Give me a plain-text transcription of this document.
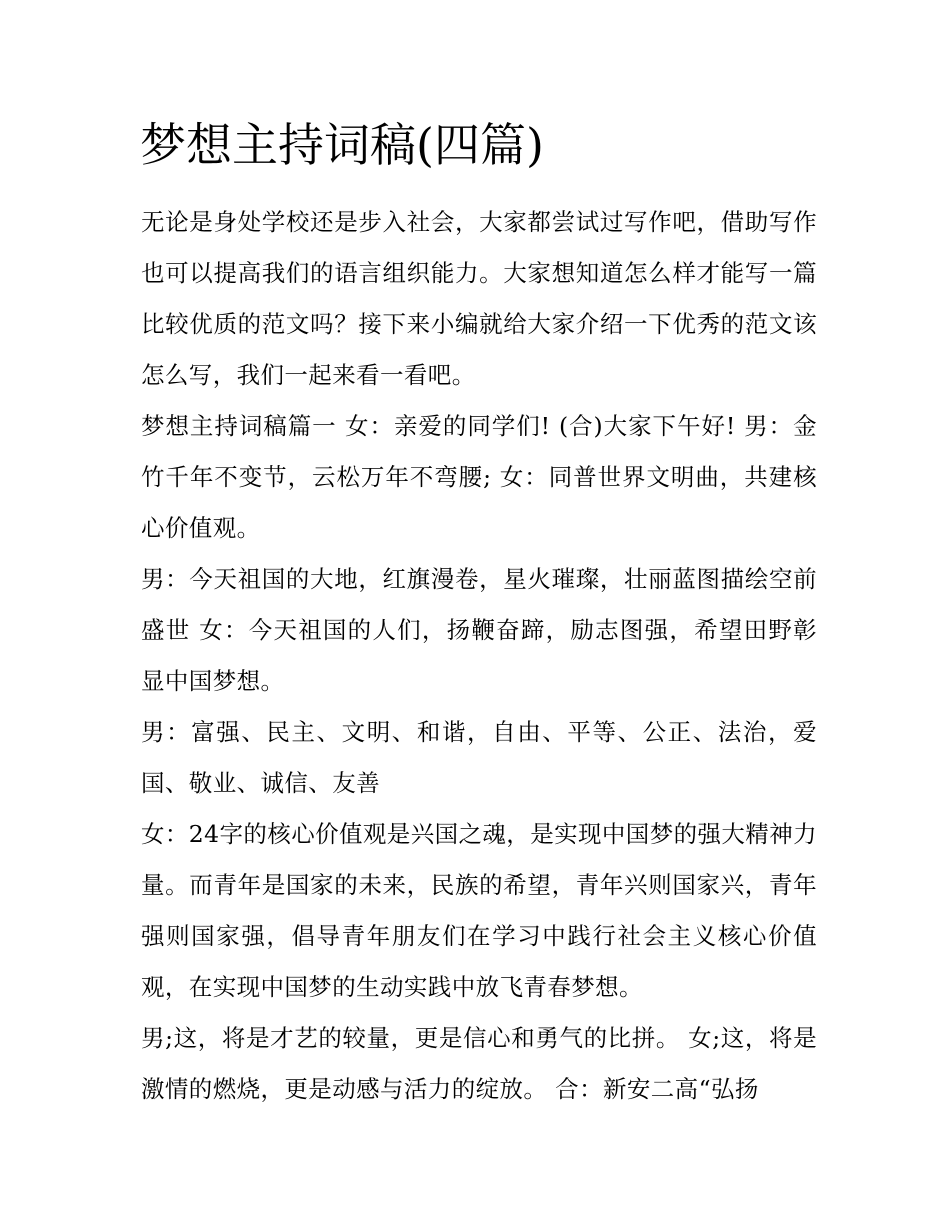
梦想主持词稿(四篇)

无论是身处学校还是步入社会，大家都尝试过写作吧，借助写作也可以提高我们的语言组织能力。大家想知道怎么样才能写一篇比较优质的范文吗？接下来小编就给大家介绍一下优秀的范文该怎么写，我们一起来看一看吧。

梦想主持词稿篇一 女：亲爱的同学们! (合)大家下午好! 男：金竹千年不变节，云松万年不弯腰; 女：同普世界文明曲，共建核心价值观。

男：今天祖国的大地，红旗漫卷，星火璀璨，壮丽蓝图描绘空前盛世 女：今天祖国的人们，扬鞭奋蹄，励志图强，希望田野彰显中国梦想。

男：富强、民主、文明、和谐，自由、平等、公正、法治，爱国、敬业、诚信、友善

女：24字的核心价值观是兴国之魂，是实现中国梦的强大精神力量。而青年是国家的未来，民族的希望，青年兴则国家兴，青年强则国家强，倡导青年朋友们在学习中践行社会主义核心价值观，在实现中国梦的生动实践中放飞青春梦想。

男;这，将是才艺的较量，更是信心和勇气的比拼。 女;这，将是激情的燃烧，更是动感与活力的绽放。 合：新安二高“弘扬
